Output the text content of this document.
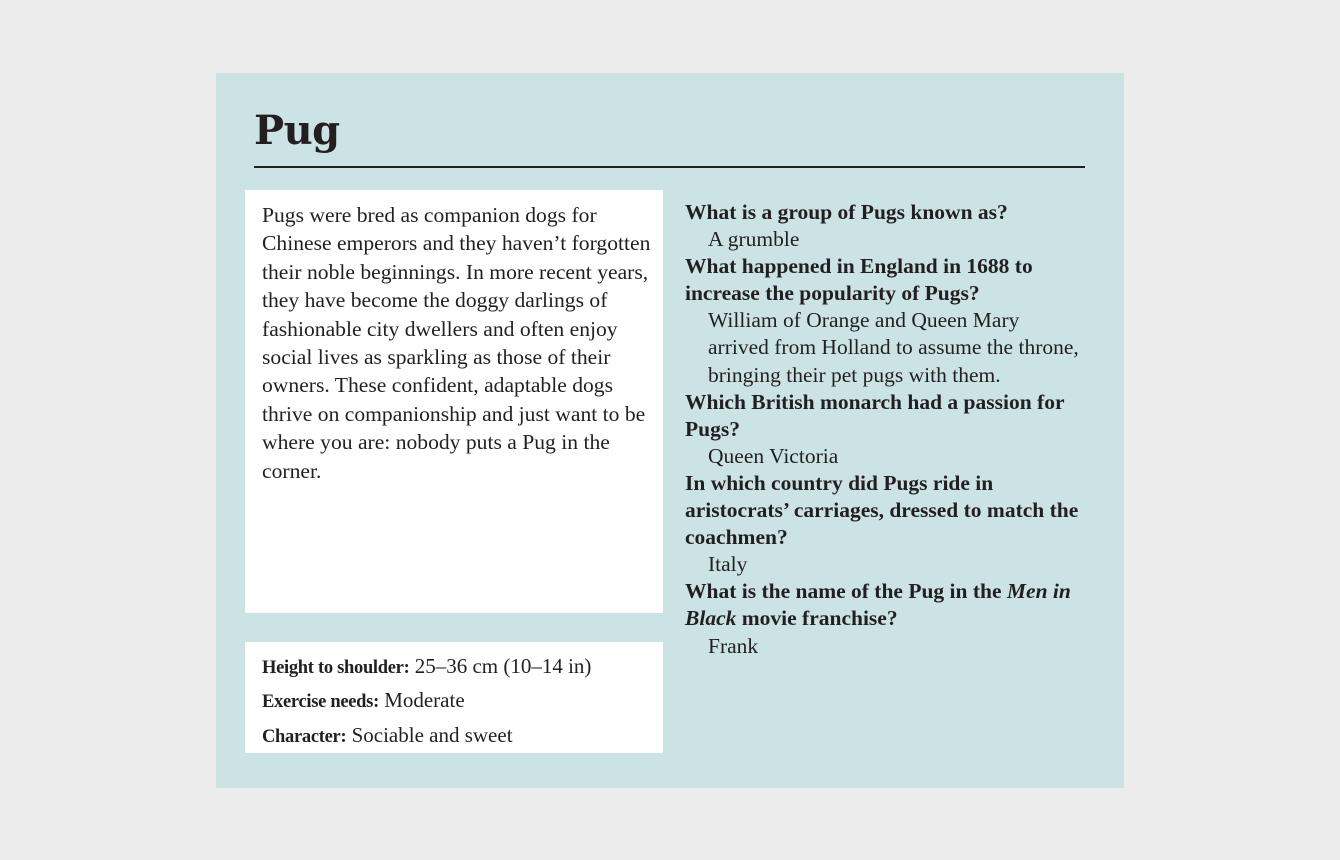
Pug

Pugs were bred as companion dogs for Chinese emperors and they haven’t forgotten their noble beginnings. In more recent years, they have become the doggy darlings of fashionable city dwellers and often enjoy social lives as sparkling as those of their owners. These confident, adaptable dogs thrive on companionship and just want to be where you are: nobody puts a Pug in the corner.

Height to shoulder: 25–36 cm (10–14 in)
Exercise needs: Moderate
Character: Sociable and sweet

What is a group of Pugs known as?

A grumble

What happened in England in 1688 to increase the popularity of Pugs?

William of Orange and Queen Mary arrived from Holland to assume the throne, bringing their pet pugs with them.

Which British monarch had a passion for Pugs?

Queen Victoria

In which country did Pugs ride in aristocrats’ carriages, dressed to match the coachmen?

Italy

What is the name of the Pug in the Men in Black movie franchise?

Frank
